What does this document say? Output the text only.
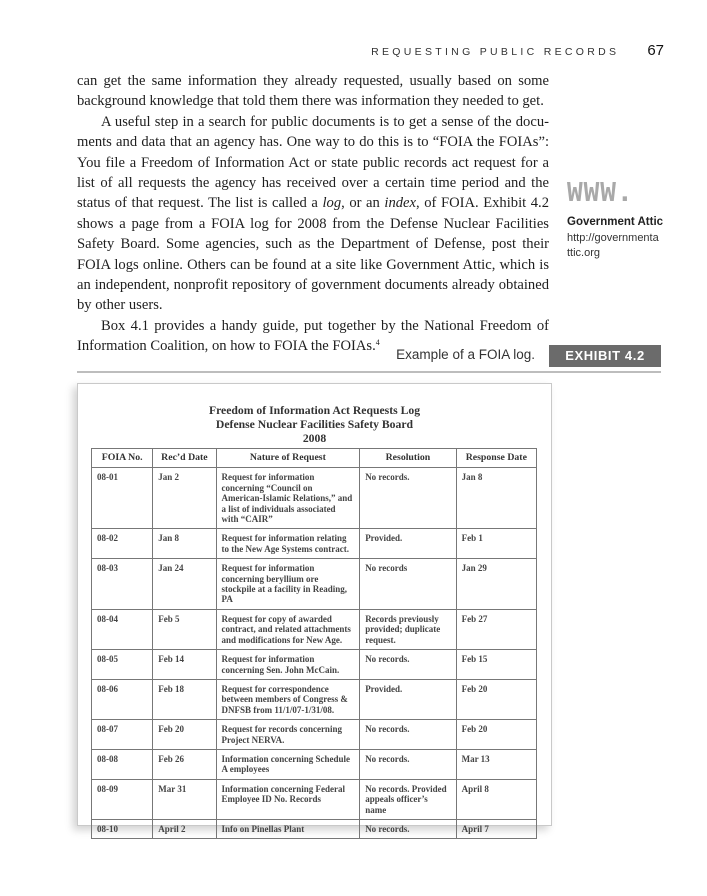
REQUESTING PUBLIC RECORDS 67

can get the same information they already requested, usually based on some background knowledge that told them there was information they needed to get.

A useful step in a search for public documents is to get a sense of the documents and data that an agency has. One way to do this is to “FOIA the FOIAs”: You file a Freedom of Information Act or state public records act request for a list of all requests the agency has received over a certain time period and the status of that request. The list is called a log, or an index, of FOIA. Exhibit 4.2 shows a page from a FOIA log for 2008 from the Defense Nuclear Facilities Safety Board. Some agencies, such as the Department of Defense, post their FOIA logs online. Others can be found at a site like Government Attic, which is an independent, nonprofit repository of government documents already obtained by other users.

Box 4.1 provides a handy guide, put together by the National Freedom of Information Coalition, on how to FOIA the FOIAs.$^4$

WWW.
Government Attic
http://governmentattic.org
Example of a FOIA log.	EXHIBIT 4.2
Freedom of Information Act Requests Log
Defense Nuclear Facilities Safety Board
2008
FOIA No.	Rec’d Date	Nature of Request	Resolution	Response Date
08-01	Jan 2	Request for information concerning “Council on American-Islamic Relations,” and a list of individuals associated with “CAIR”	No records.	Jan 8
08-02	Jan 8	Request for information relating to the New Age Systems contract.	Provided.	Feb 1
08-03	Jan 24	Request for information concerning beryllium ore stockpile at a facility in Reading, PA	No records	Jan 29
08-04	Feb 5	Request for copy of awarded contract, and related attachments and modifications for New Age.	Records previously provided; duplicate request.	Feb 27
08-05	Feb 14	Request for information concerning Sen. John McCain.	No records.	Feb 15
08-06	Feb 18	Request for correspondence between members of Congress & DNFSB from 11/1/07-1/31/08.	Provided.	Feb 20
08-07	Feb 20	Request for records concerning Project NERVA.	No records.	Feb 20
08-08	Feb 26	Information concerning Schedule A employees	No records.	Mar 13
08-09	Mar 31	Information concerning Federal Employee ID No. Records	No records. Provided appeals officer’s name	April 8
08-10	April 2	Info on Pinellas Plant	No records.	April 7
